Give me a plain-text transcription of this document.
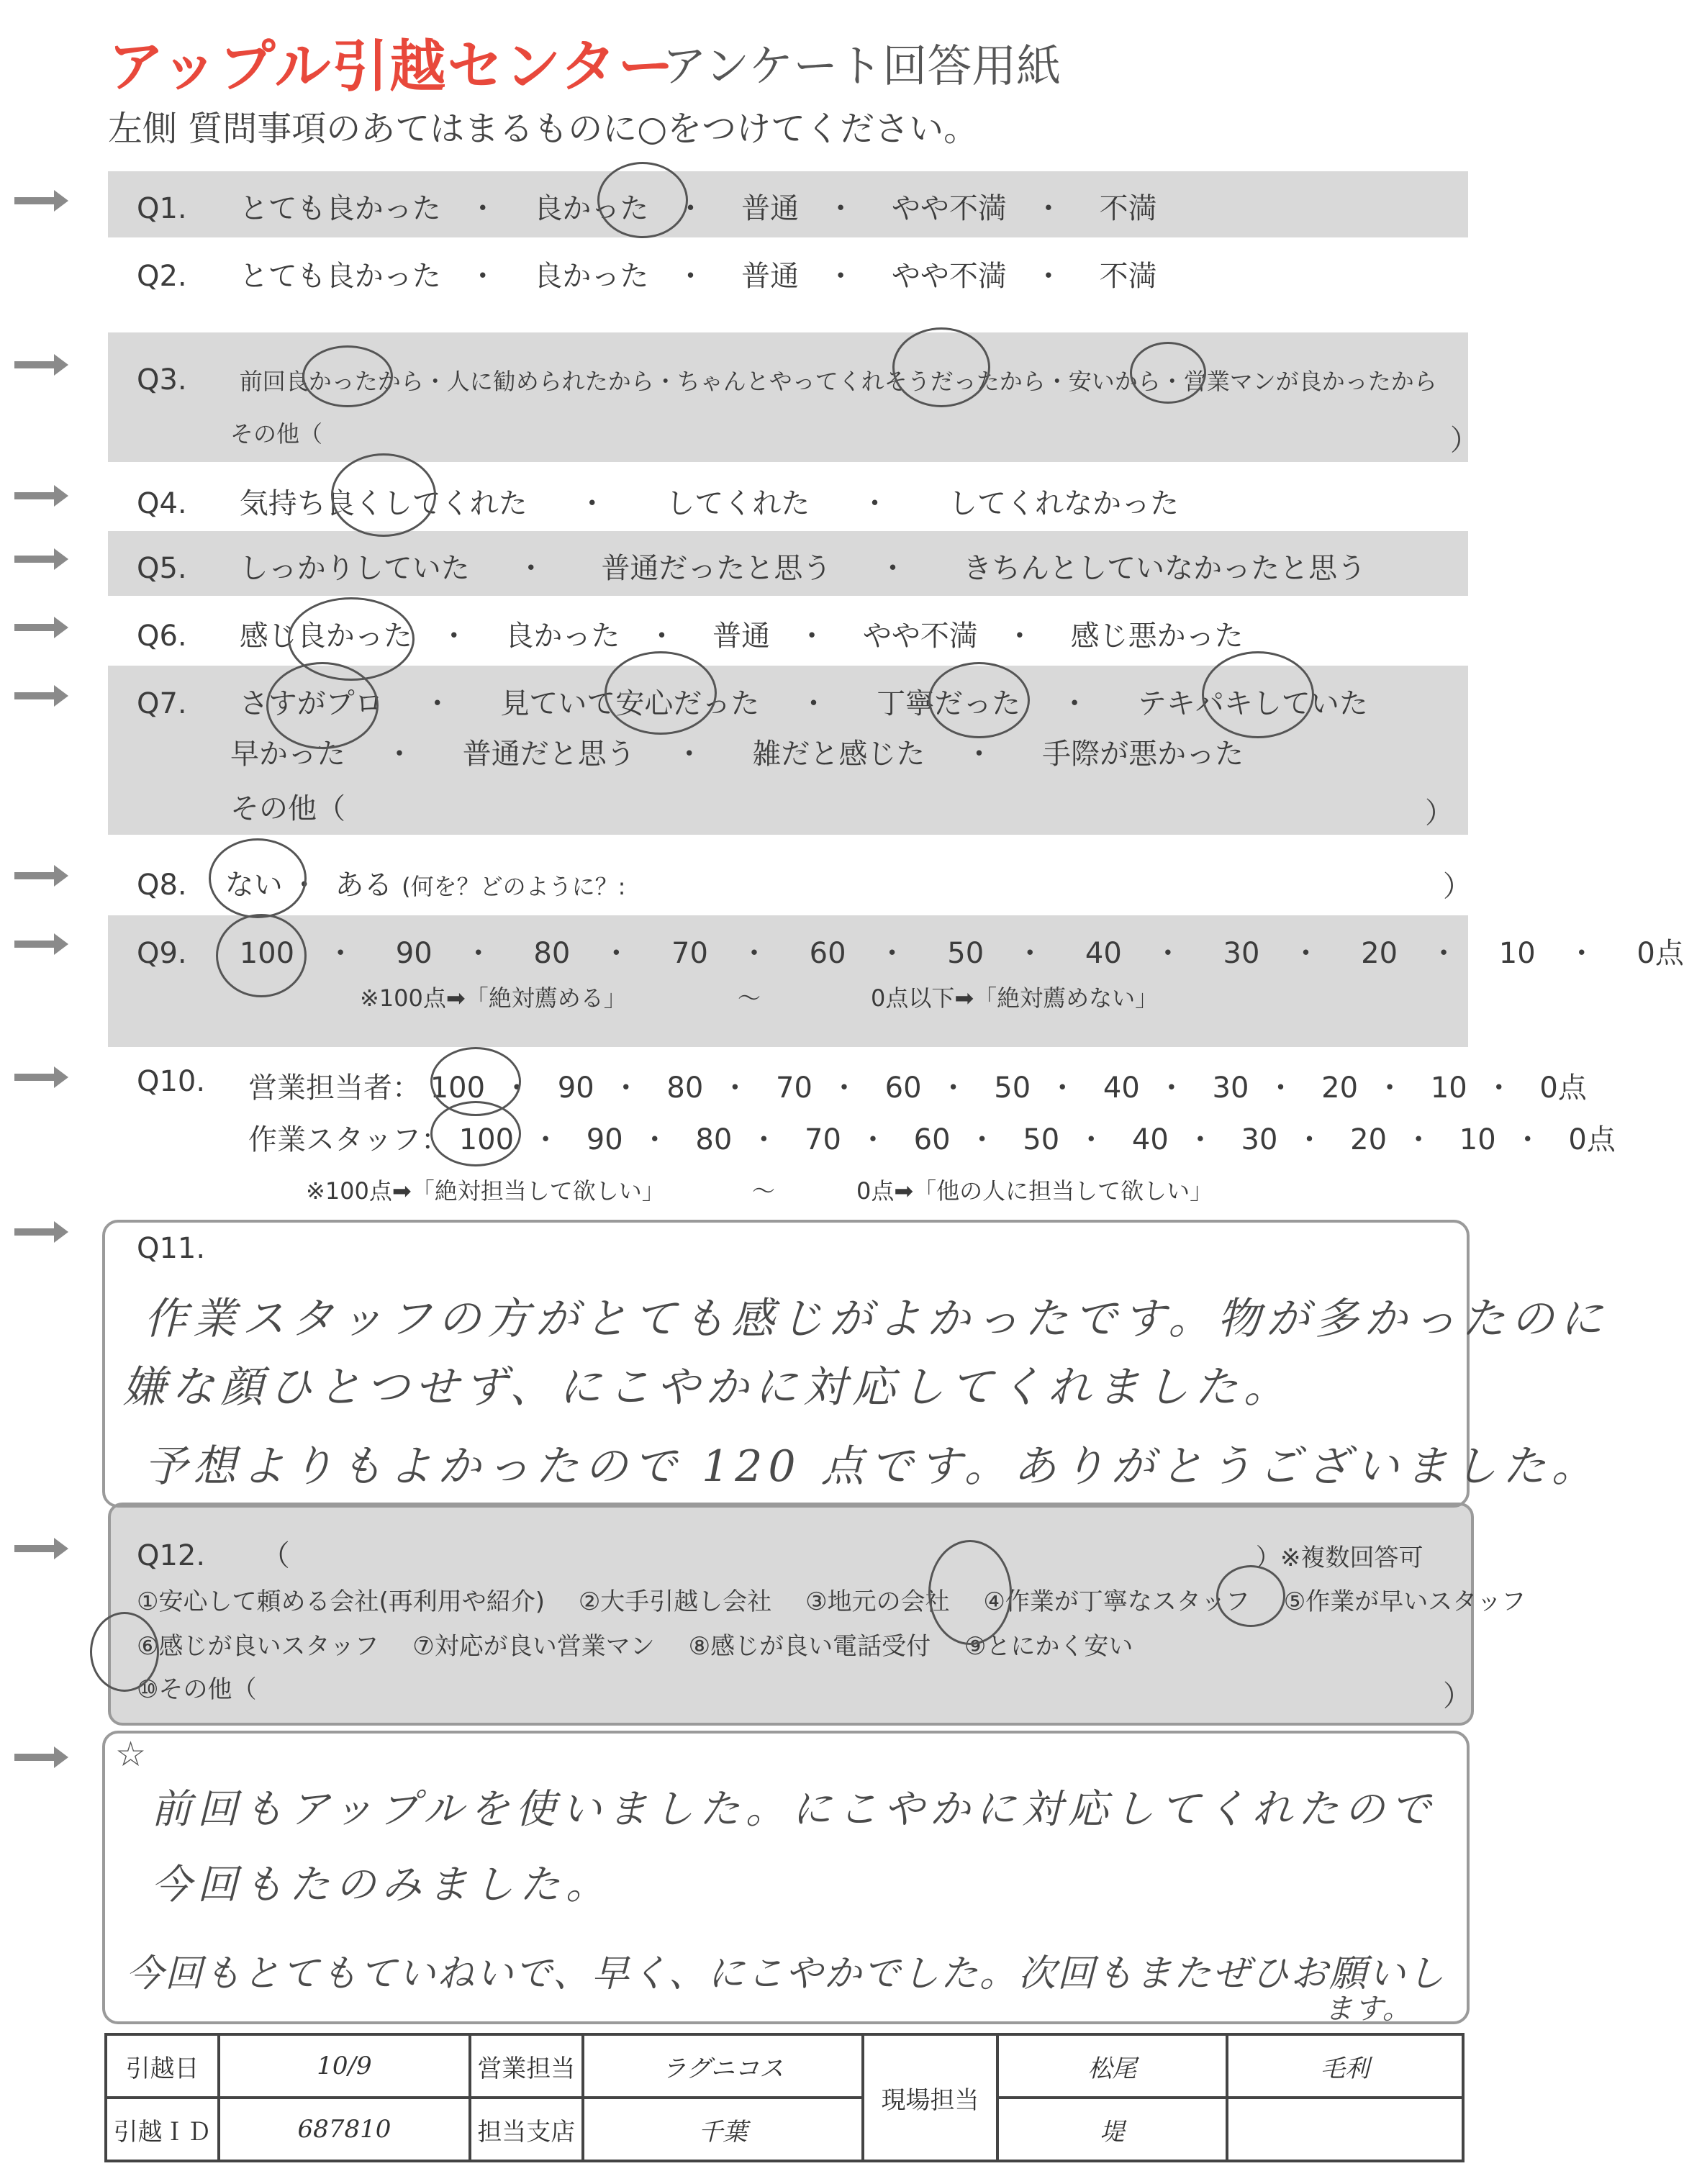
アップル引越センター
アンケート回答用紙
左側 質問事項のあてはまるものに○をつけてください。
Q1. とても良かった ・ 良かった ・ 普通 ・ やや不満 ・ 不満
Q2. とても良かった ・ 良かった ・ 普通 ・ やや不満 ・ 不満
Q3. 前回良かったから・人に勧められたから・ちゃんとやってくれそうだったから・安いから・営業マンが良かったから
その他（	）
Q4. 気持ち良くしてくれた ・ してくれた ・ してくれなかった
Q5. しっかりしていた ・ 普通だったと思う ・ きちんとしていなかったと思う
Q6. 感じ良かった ・ 良かった ・ 普通 ・ やや不満 ・ 感じ悪かった
Q7. さすがプロ ・ 見ていて安心だった ・ 丁寧だった ・ テキパキしていた
早かった ・ 普通だと思う ・ 雑だと感じた ・ 手際が悪かった
その他（	）
Q8. ない ・ ある (何を？どのように？:	）
Q9. 100 ・ 90 ・ 80 ・ 70 ・ 60 ・ 50 ・ 40 ・ 30 ・ 20 ・ 10 ・ 0点
※100点➡「絶対薦める」	〜	0点以下➡「絶対薦めない」
Q10.	営業担当者： 100 ・ 90 ・ 80 ・ 70 ・ 60 ・ 50 ・ 40 ・ 30 ・ 20 ・ 10 ・ 0点
作業スタッフ： 100 ・ 90 ・ 80 ・ 70 ・ 60 ・ 50 ・ 40 ・ 30 ・ 20 ・ 10 ・ 0点
※100点➡「絶対担当して欲しい」	〜	0点➡「他の人に担当して欲しい」
Q11.
作業スタッフの方がとても感じがよかったです。物が多かったのに
嫌な顔ひとつせず、にこやかに対応してくれました。
予想よりもよかったので 120 点です。ありがとうございました。
Q12. （	）※複数回答可
①安心して頼める会社(再利用や紹介) ②大手引越し会社 ③地元の会社 ④作業が丁寧なスタッフ ⑤作業が早いスタッフ
⑥感じが良いスタッフ ⑦対応が良い営業マン ⑧感じが良い電話受付 ⑨とにかく安い
⑩その他（	）
☆
前回もアップルを使いました。にこやかに対応してくれたので
今回もたのみました。
今回もとてもていねいで、早く、にこやかでした。次回もまたぜひお願いし
ます。
引越日	10/9	営業担当	ラグニコス	現場担当	松尾	毛利
引越ＩＤ	687810	担当支店	千葉		堤	
